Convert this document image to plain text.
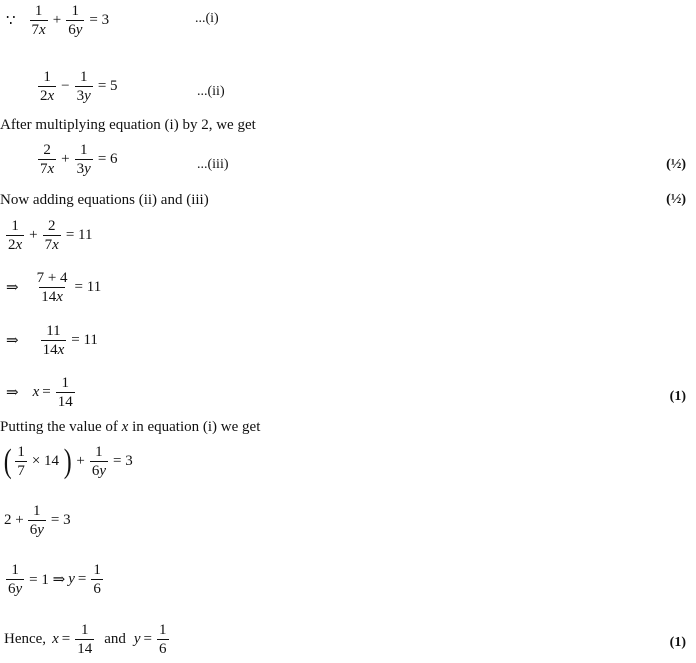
∵ $\frac{1}{7x} + \frac{1}{6y} = 3$	...(i)
$\frac{1}{2x} - \frac{1}{3y} = 5$	...(ii)
After multiplying equation (i) by 2, we get
$\frac{2}{7x} + \frac{1}{3y} = 6$	...(iii)	(½)
Now adding equations (ii) and (iii)	(½)
$\frac{1}{2x} + \frac{2}{7x} = 11$
⇒ $\frac{7 + 4}{14x} = 11$
⇒ $\frac{11}{14x} = 11$
⇒ $x = \frac{1}{14}$	(1)
Putting the value of x in equation (i) we get
( $\frac{1}{7} \times 14$ ) + $\frac{1}{6y} = 3$
$2 + \frac{1}{6y} = 3$
$\frac{1}{6y} = 1$ ⇒ $y = \frac{1}{6}$
Hence, $x = \frac{1}{14}$ and $y = \frac{1}{6}$	(1)
